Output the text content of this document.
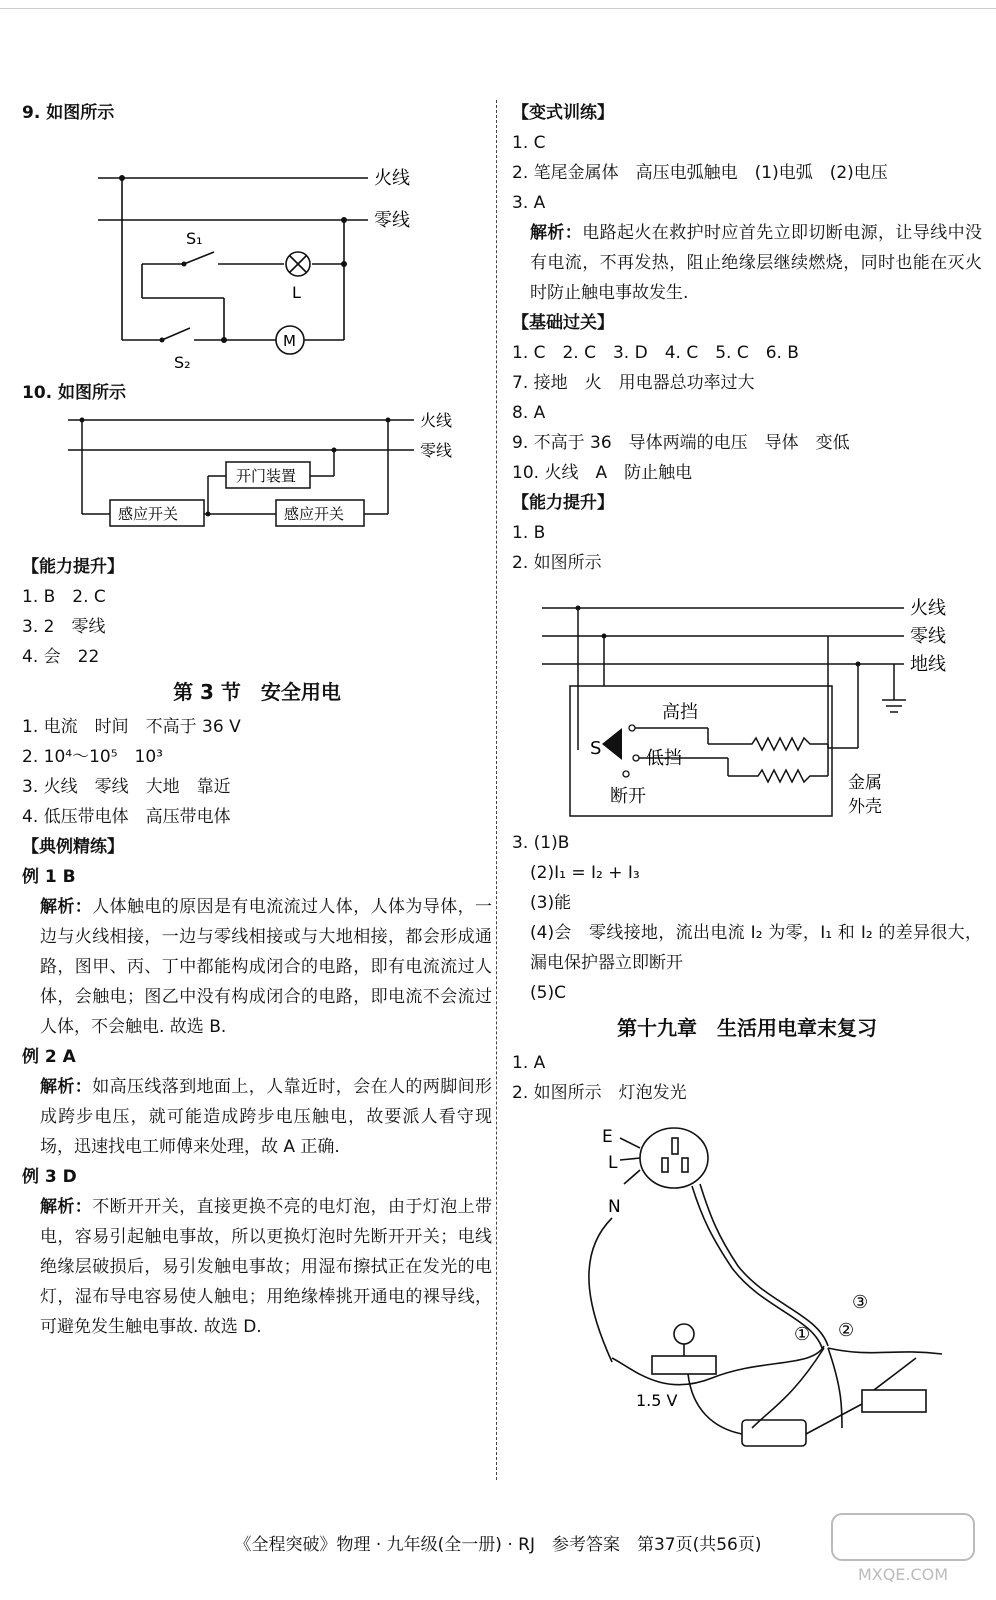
9. 如图所示
火线
零线
S₁
L
S₂
M
10. 如图所示
火线
零线
开门装置
感应开关	感应开关
【能力提升】
1. B　2. C
3. 2　零线
4. 会　22
第 3 节　安全用电
1. 电流　时间　不高于 36 V
2. 10⁴～10⁵　10³
3. 火线　零线　大地　靠近
4. 低压带电体　高压带电体
【典例精练】
例 1 B
解析：人体触电的原因是有电流流过人体，人体为导体，一边与火线相接，一边与零线相接或与大地相接，都会形成通路，图甲、丙、丁中都能构成闭合的电路，即有电流流过人体，会触电；图乙中没有构成闭合的电路，即电流不会流过人体，不会触电. 故选 B.
例 2 A
解析：如高压线落到地面上，人靠近时，会在人的两脚间形成跨步电压，就可能造成跨步电压触电，故要派人看守现场，迅速找电工师傅来处理，故 A 正确.
例 3 D
解析：不断开开关，直接更换不亮的电灯泡，由于灯泡上带电，容易引起触电事故，所以更换灯泡时先断开开关；电线绝缘层破损后，易引发触电事故；用湿布擦拭正在发光的电灯，湿布导电容易使人触电；用绝缘棒挑开通电的裸导线，可避免发生触电事故. 故选 D.
【变式训练】
1. C
2. 笔尾金属体　高压电弧触电　(1)电弧　(2)电压
3. A
解析：电路起火在救护时应首先立即切断电源，让导线中没有电流，不再发热，阻止绝缘层继续燃烧，同时也能在灭火时防止触电事故发生.
【基础过关】
1. C　2. C　3. D　4. C　5. C　6. B
7. 接地　火　用电器总功率过大
8. A
9. 不高于 36　导体两端的电压　导体　变低
10. 火线　A　防止触电
【能力提升】
1. B
2. 如图所示
火线
零线
地线
高挡
低挡
S
断开
金属
外壳
3. (1)B
(2)I₁ = I₂ + I₃
(3)能
(4)会　零线接地，流出电流 I₂ 为零，I₁ 和 I₂ 的差异很大，漏电保护器立即断开
(5)C
第十九章　生活用电章末复习
1. A
2. 如图所示　灯泡发光
E
L
N
① ②
③
1.5 V
《全程突破》物理 · 九年级(全一册) · RJ　参考答案　第37页(共56页)
MXQE.COM
